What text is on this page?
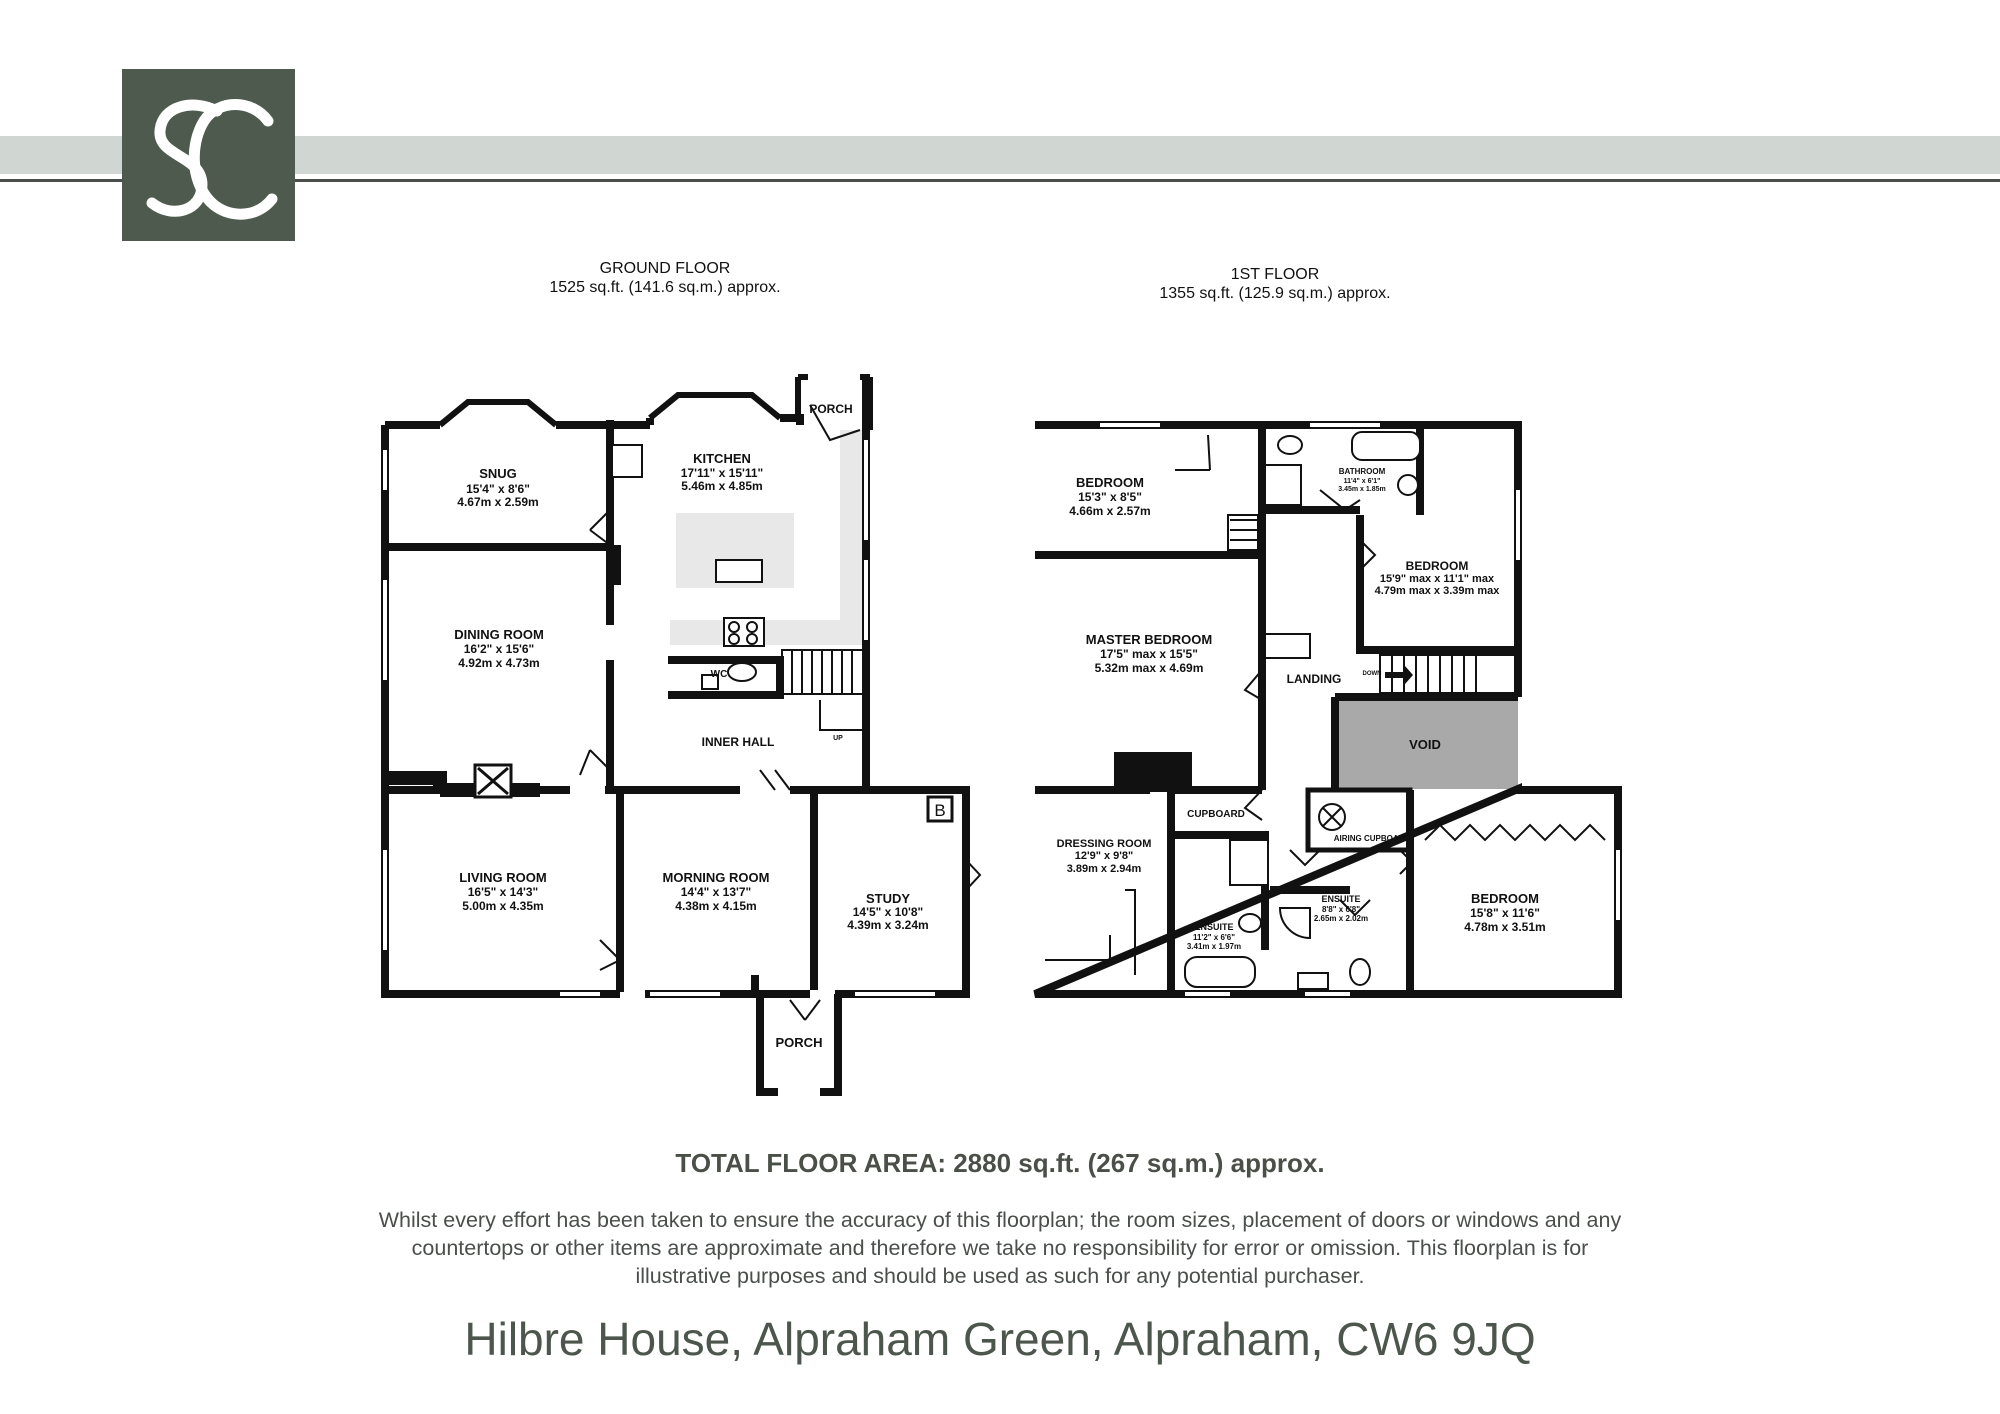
GROUND FLOOR
1525 sq.ft. (141.6 sq.m.) approx.
1ST FLOOR
1355 sq.ft. (125.9 sq.m.) approx.
SNUG
15'4" x 8'6"
4.67m x 2.59m
KITCHEN
17'11" x 15'11"
5.46m x 4.85m
PORCH
DINING ROOM
16'2" x 15'6"
4.92m x 4.73m
WC
INNER HALL	UP
LIVING ROOM
16'5" x 14'3"
5.00m x 4.35m
MORNING ROOM
14'4" x 13'7"
4.38m x 4.15m	STUDY
14'5" x 10'8"
4.39m x 3.24m
B
PORCH
BEDROOM
15'3" x 8'5"
4.66m x 2.57m
BATHROOM
11'4" x 6'1"
3.45m x 1.85m
BEDROOM
15'9" max x 11'1" max
4.79m max x 3.39m max
MASTER BEDROOM
17'5" max x 15'5"
5.32m max x 4.69m
LANDING	DOWN
VOID
CUPBOARD
AIRING CUPBOARD
DRESSING ROOM
12'9" x 9'8"
3.89m x 2.94m
ENSUITE
11'2" x 6'6"
3.41m x 1.97m
ENSUITE
8'8" x 6'8"
2.65m x 2.02m
BEDROOM
15'8" x 11'6"
4.78m x 3.51m
TOTAL FLOOR AREA: 2880 sq.ft. (267 sq.m.) approx.
Whilst every effort has been taken to ensure the accuracy of this floorplan; the room sizes, placement of doors or windows and any countertops or other items are approximate and therefore we take no responsibility for error or omission. This floorplan is for illustrative purposes and should be used as such for any potential purchaser.
Hilbre House, Alpraham Green, Alpraham, CW6 9JQ
